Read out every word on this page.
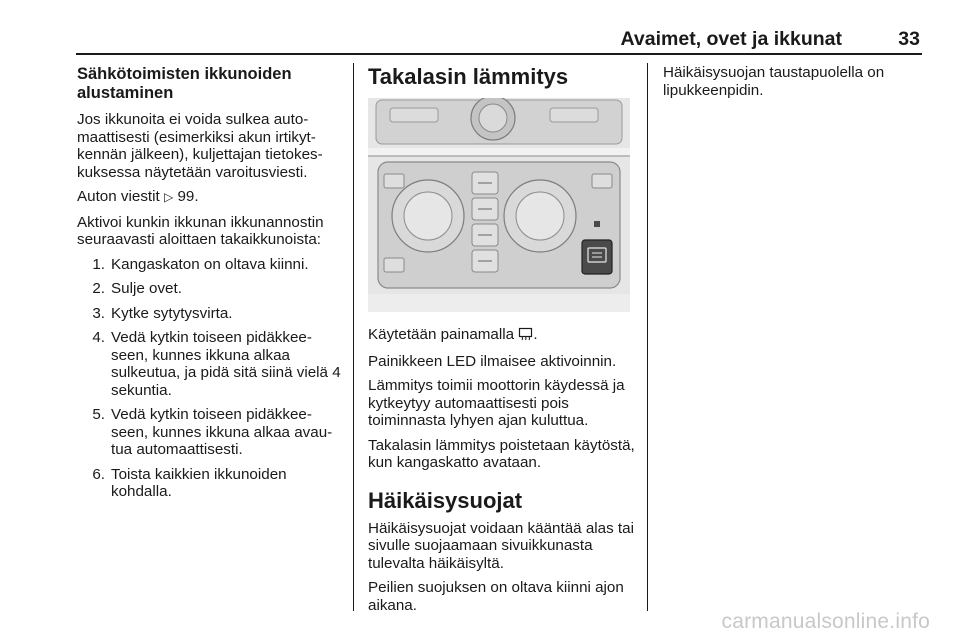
Avaimet, ovet ja ikkunat	33
Sähkötoimisten ikkunoiden alustaminen

Jos ikkunoita ei voida sulkea auto-maattisesti (esimerkiksi akun irtikyt-kennän jälkeen), kuljettajan tietokes-kuksessa näytetään varoitusviesti.

Auton viestit ▷ 99.

Aktivoi kunkin ikkunan ikkunannostin seuraavasti aloittaen takaikkunoista:

1. Kangaskaton on oltava kiinni.
2. Sulje ovet.
3. Kytke sytytysvirta.
4. Vedä kytkin toiseen pidäkkee-seen, kunnes ikkuna alkaa sulkeutua, ja pidä sitä siinä vielä 4 sekuntia.
5. Vedä kytkin toiseen pidäkkee-seen, kunnes ikkuna alkaa avau-tua automaattisesti.
6. Toista kaikkien ikkunoiden kohdalla.
Takalasin lämmitys

Käytetään painamalla .

Painikkeen LED ilmaisee aktivoinnin.

Lämmitys toimii moottorin käydessä ja kytkeytyy automaattisesti pois toiminnasta lyhyen ajan kuluttua.

Takalasin lämmitys poistetaan käytöstä, kun kangaskatto avataan.

Häikäisysuojat

Häikäisysuojat voidaan kääntää alas tai sivulle suojaamaan sivuikkunasta tulevalta häikäisyltä.

Peilien suojuksen on oltava kiinni ajon aikana.

Häikäisysuojan taustapuolella on lipukkeenpidin.

carmanualsonline.info
